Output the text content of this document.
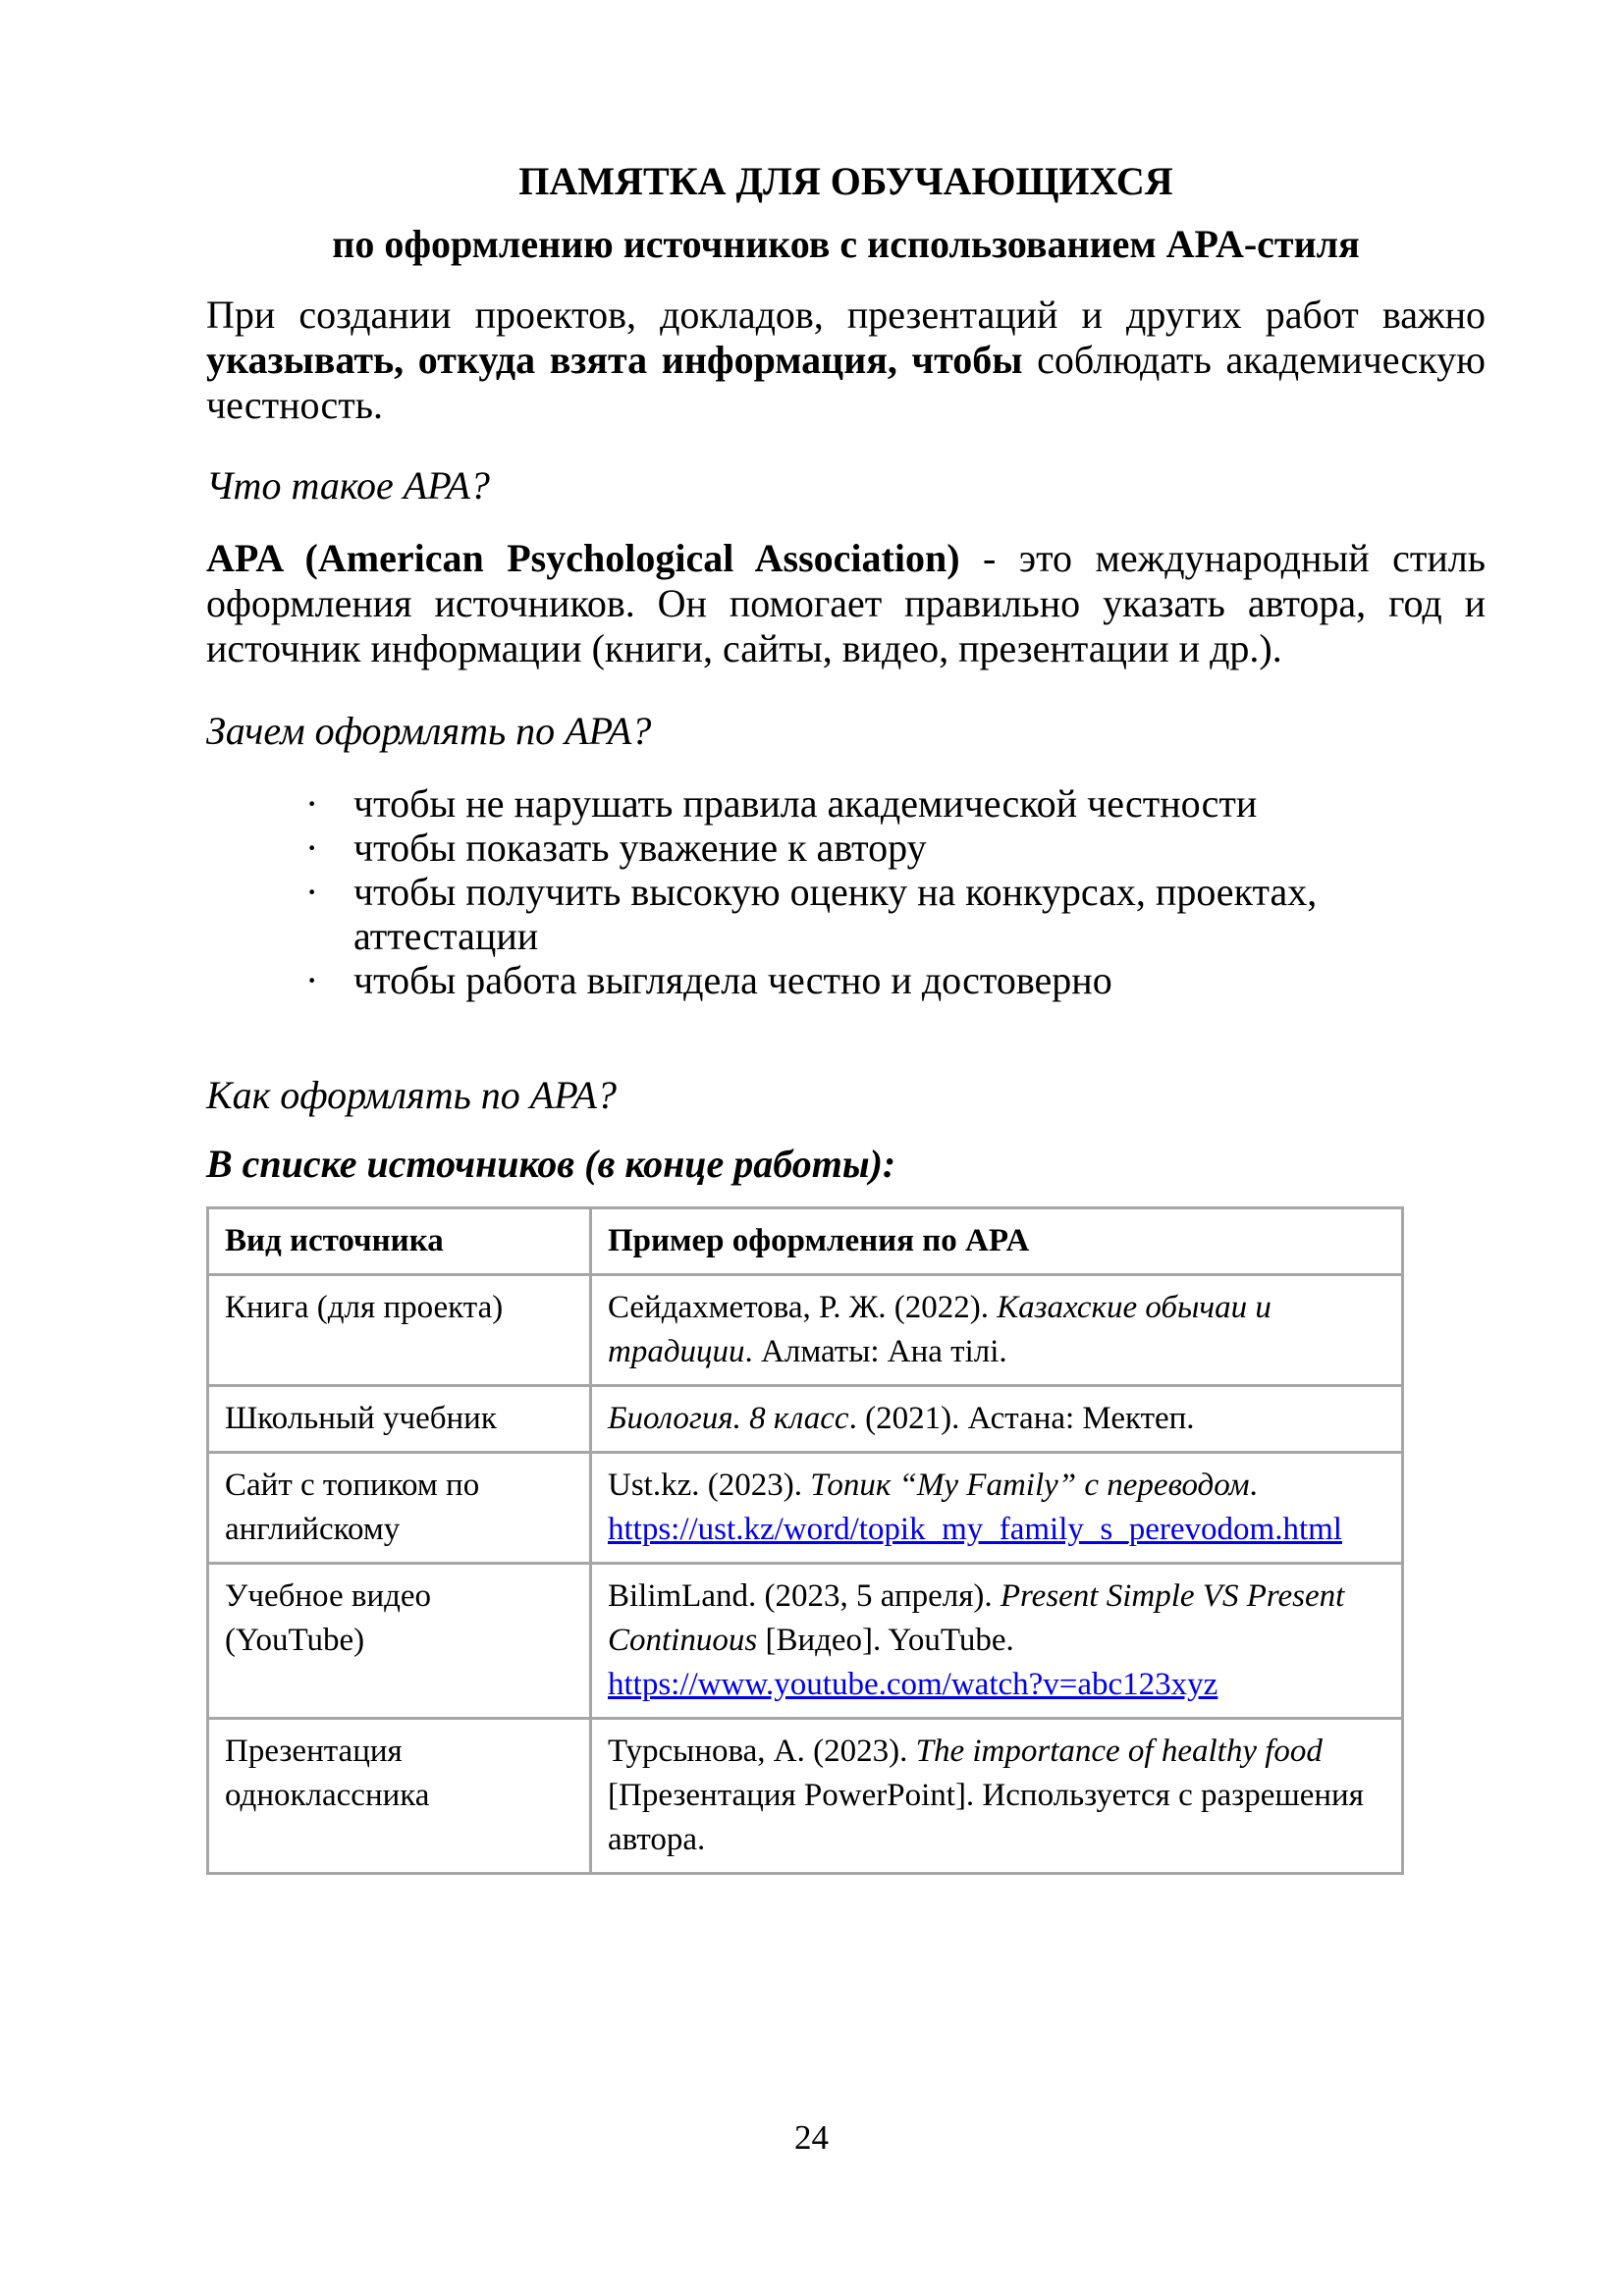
ПАМЯТКА ДЛЯ ОБУЧАЮЩИХСЯ
по оформлению источников с использованием APA-стиля
При создании проектов, докладов, презентаций и других работ важно
указывать, откуда взята информация, чтобы соблюдать академическую
честность.
Что такое APA?
APA (American Psychological Association) - это международный стиль
оформления источников. Он помогает правильно указать автора, год и
источник информации (книги, сайты, видео, презентации и др.).
Зачем оформлять по APA?
· чтобы не нарушать правила академической честности
· чтобы показать уважение к автору
· чтобы получить высокую оценку на конкурсах, проектах, аттестации
· чтобы работа выглядела честно и достоверно
Как оформлять по APA?
В списке источников (в конце работы):
Вид источника	Пример оформления по APA

Книга (для проекта)	Сейдахметова, Р. Ж. (2022). Казахские обычаи и традиции. Алматы: Ана тілі.

Школьный учебник	Биология. 8 класс. (2021). Астана: Мектеп.

Сайт с топиком по
английскому	Ust.kz. (2023). Топик “My Family” с переводом. https://ust.kz/word/topik_my_family_s_perevodom.html

Учебное видео
(YouTube)	BilimLand. (2023, 5 апреля). Present Simple VS Present Continuous [Видео]. YouTube. https://www.youtube.com/watch?v=abc123xyz

Презентация
одноклассника	Турсынова, А. (2023). The importance of healthy food [Презентация PowerPoint]. Используется с разрешения автора.
24
